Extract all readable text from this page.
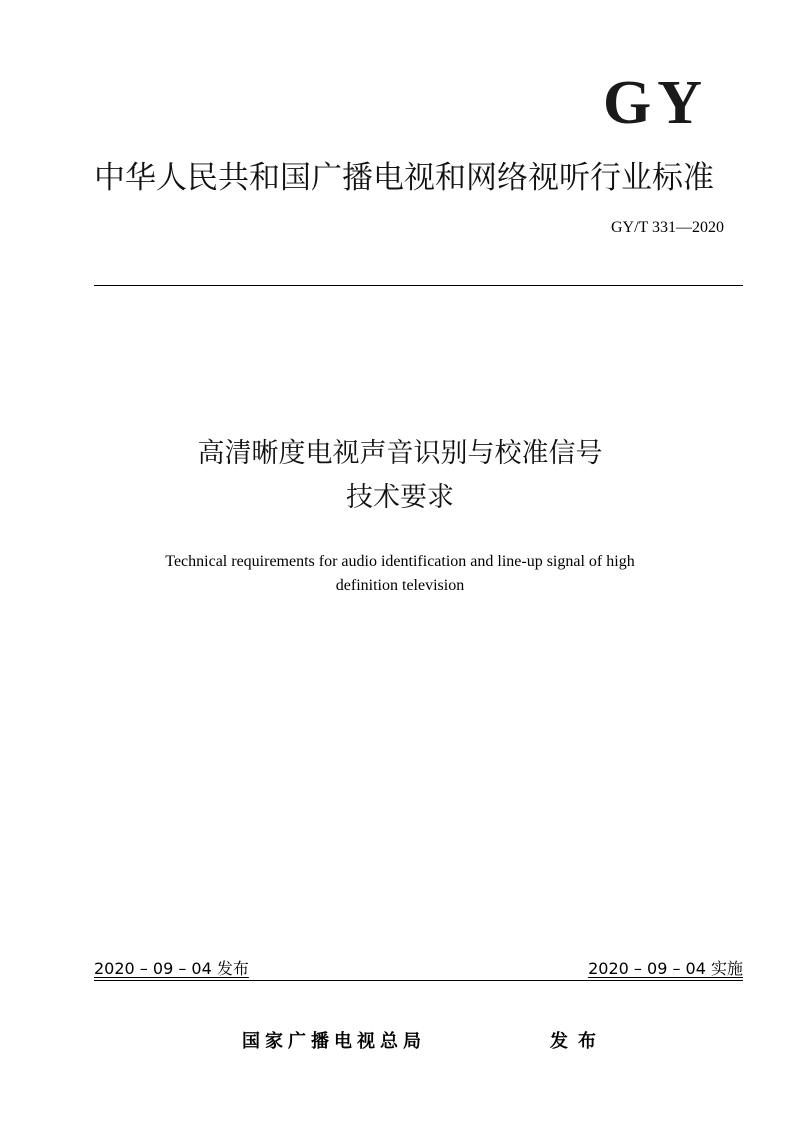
GY
中华人民共和国广播电视和网络视听行业标准
GY/T 331—2020
高清晰度电视声音识别与校准信号
技术要求
Technical requirements for audio identification and line-up signal of high
definition television
2020 – 09 – 04 发布	2020 – 09 – 04 实施
国家广播电视总局	发布
